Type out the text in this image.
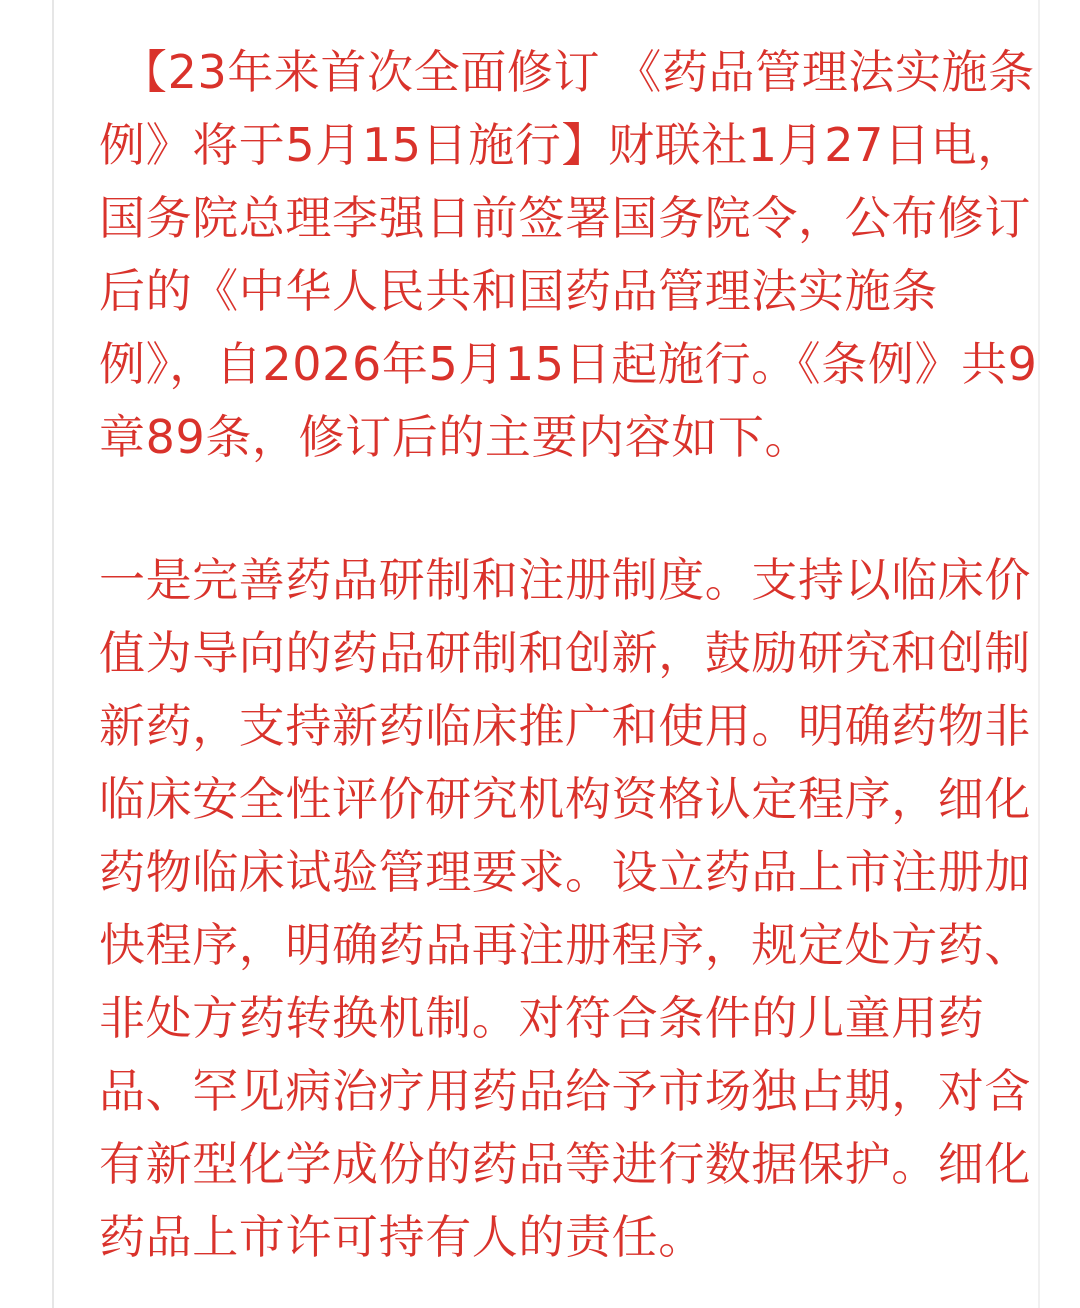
【23年来首次全面修订 《药品管理法实施条例》将于5月15日施行】财联社1月27日电，国务院总理李强日前签署国务院令，公布修订后的《中华人民共和国药品管理法实施条例》，自2026年5月15日起施行。《条例》共9章89条，修订后的主要内容如下。

一是完善药品研制和注册制度。支持以临床价值为导向的药品研制和创新，鼓励研究和创制新药，支持新药临床推广和使用。明确药物非临床安全性评价研究机构资格认定程序，细化药物临床试验管理要求。设立药品上市注册加快程序，明确药品再注册程序，规定处方药、非处方药转换机制。对符合条件的儿童用药品、罕见病治疗用药品给予市场独占期，对含有新型化学成份的药品等进行数据保护。细化药品上市许可持有人的责任。
